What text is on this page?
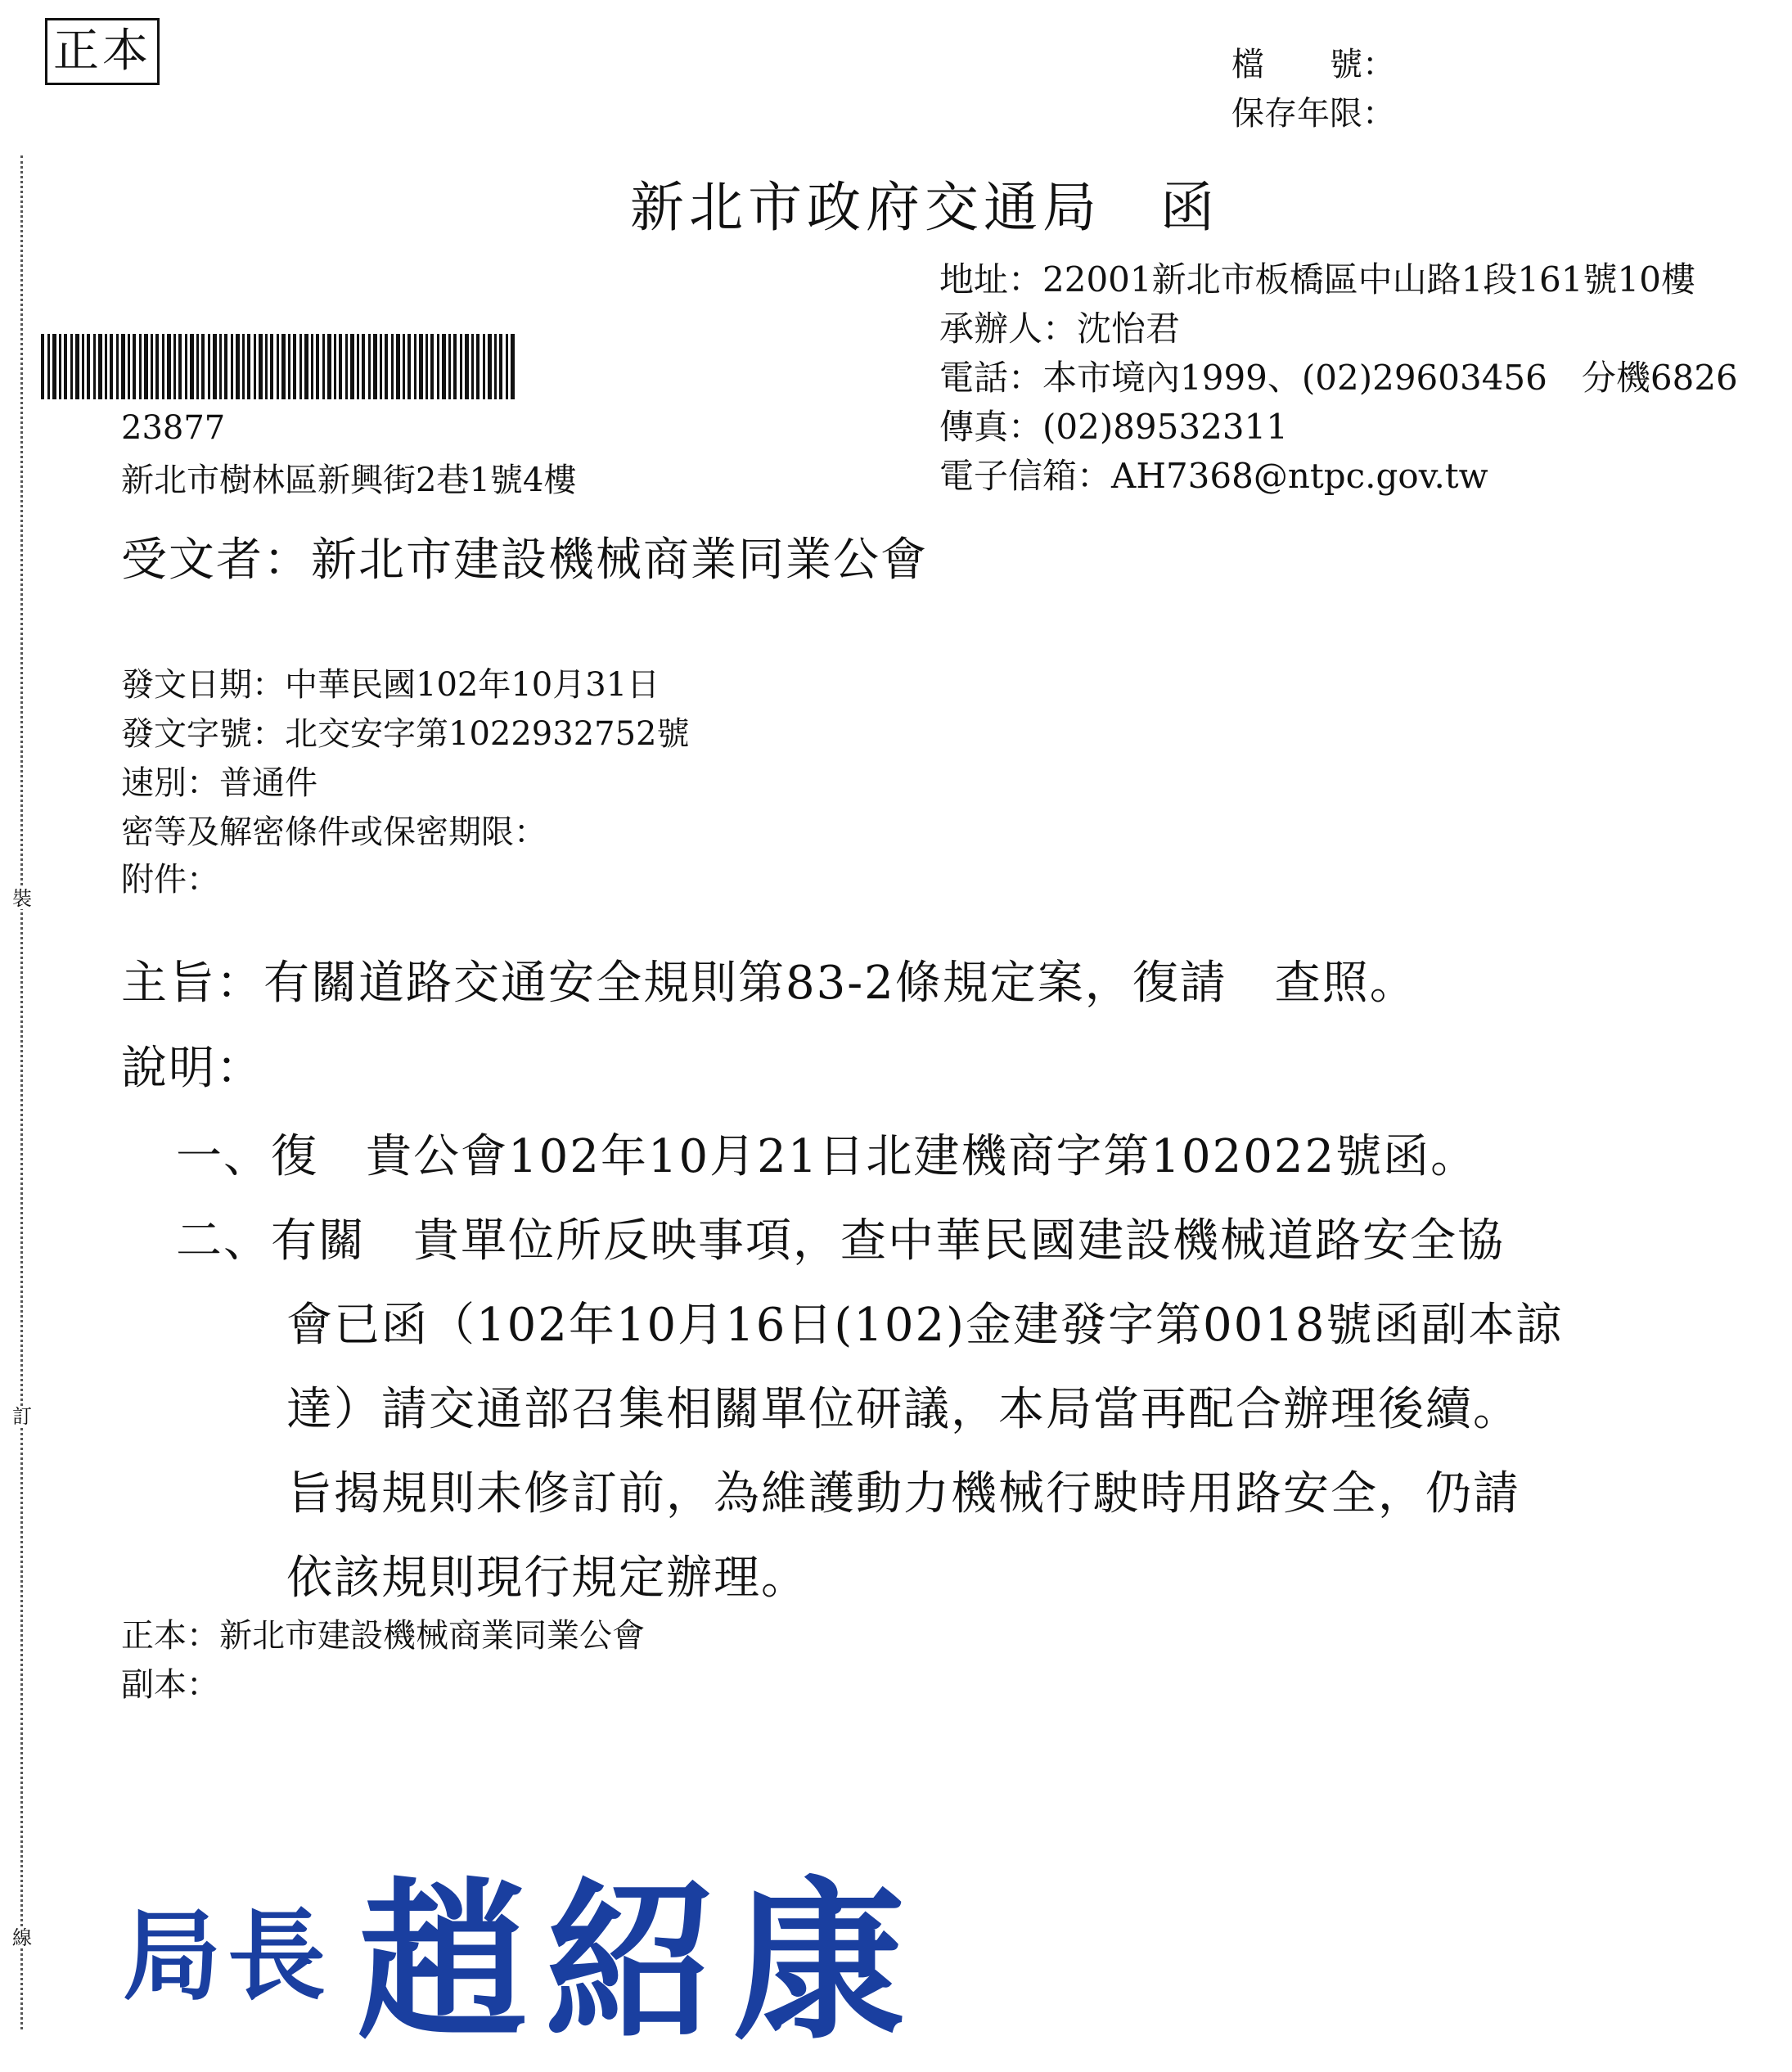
正本
裝
訂
線
檔　　號：
保存年限：
新北市政府交通局　函
地址：22001新北市板橋區中山路1段161號10樓
承辦人：沈怡君
電話：本市境內1999、(02)29603456　分機6826
傳真：(02)89532311
電子信箱：AH7368@ntpc.gov.tw
23877
新北市樹林區新興街2巷1號4樓
受文者：新北市建設機械商業同業公會
發文日期：中華民國102年10月31日
發文字號：北交安字第1022932752號
速別：普通件
密等及解密條件或保密期限：
附件：
主旨：有關道路交通安全規則第83-2條規定案，復請　查照。
說明：
一、復　貴公會102年10月21日北建機商字第102022號函。
二、有關　貴單位所反映事項，查中華民國建設機械道路安全協
會已函（102年10月16日(102)金建發字第0018號函副本諒
達）請交通部召集相關單位研議，本局當再配合辦理後續。
旨揭規則未修訂前，為維護動力機械行駛時用路安全，仍請
依該規則現行規定辦理。
正本：新北市建設機械商業同業公會
副本：
局長 趙紹康
